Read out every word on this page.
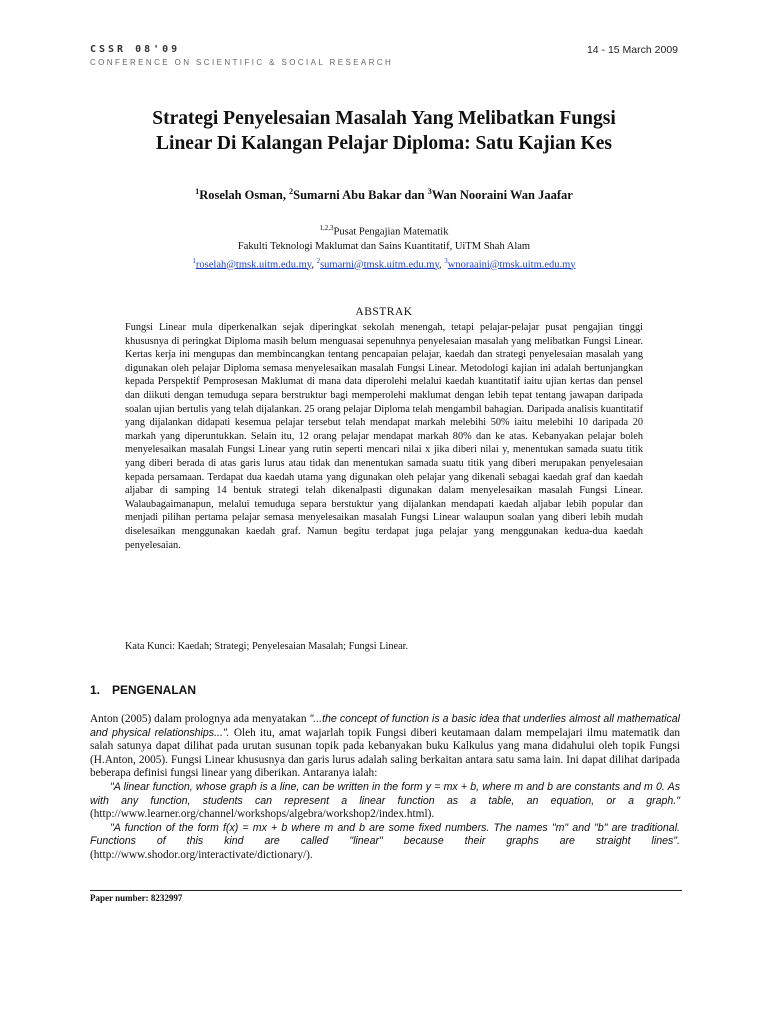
CSSR 08'09	14 - 15 March 2009
CONFERENCE ON SCIENTIFIC & SOCIAL RESEARCH
Strategi Penyelesaian Masalah Yang Melibatkan Fungsi
Linear Di Kalangan Pelajar Diploma: Satu Kajian Kes
$^1$Roselah Osman, $^2$Sumarni Abu Bakar dan $^3$Wan Nooraini Wan Jaafar
$^{1,2,3}$Pusat Pengajian Matematik
Fakulti Teknologi Maklumat dan Sains Kuantitatif, UiTM Shah Alam
$^1$roselah@tmsk.uitm.edu.my, $^2$sumarni@tmsk.uitm.edu.my, $^3$wnoraaini@tmsk.uitm.edu.my
ABSTRAK
Fungsi Linear mula diperkenalkan sejak diperingkat sekolah menengah, tetapi pelajar-pelajar pusat pengajian tinggi khususnya di peringkat Diploma masih belum menguasai sepenuhnya penyelesaian masalah yang melibatkan Fungsi Linear. Kertas kerja ini mengupas dan membincangkan tentang pencapaian pelajar, kaedah dan strategi penyelesaian masalah yang digunakan oleh pelajar Diploma semasa menyelesaikan masalah Fungsi Linear. Metodologi kajian ini adalah bertunjangkan kepada Perspektif Pemprosesan Maklumat di mana data diperolehi melalui kaedah kuantitatif iaitu ujian kertas dan pensel dan diikuti dengan temuduga separa berstruktur bagi memperolehi maklumat dengan lebih tepat tentang jawapan daripada soalan ujian bertulis yang telah dijalankan. 25 orang pelajar Diploma telah mengambil bahagian. Daripada analisis kuantitatif yang dijalankan didapati kesemua pelajar tersebut telah mendapat markah melebihi 50% iaitu melebihi 10 daripada 20 markah yang diperuntukkan. Selain itu, 12 orang pelajar mendapat markah 80% dan ke atas. Kebanyakan pelajar boleh menyelesaikan masalah Fungsi Linear yang rutin seperti mencari nilai x jika diberi nilai y, menentukan samada suatu titik yang diberi berada di atas garis lurus atau tidak dan menentukan samada suatu titik yang diberi merupakan penyelesaian kepada persamaan. Terdapat dua kaedah utama yang digunakan oleh pelajar yang dikenali sebagai kaedah graf dan kaedah aljabar di samping 14 bentuk strategi telah dikenalpasti digunakan dalam menyelesaikan masalah Fungsi Linear. Walaubagaimanapun, melalui temuduga separa berstuktur yang dijalankan mendapati kaedah aljabar lebih popular dan menjadi pilihan pertama pelajar semasa menyelesaikan masalah Fungsi Linear walaupun soalan yang diberi lebih mudah diselesaikan menggunakan kaedah graf. Namun begitu terdapat juga pelajar yang menggunakan kedua-dua kaedah penyelesaian.
Kata Kunci: Kaedah; Strategi; Penyelesaian Masalah; Fungsi Linear.
1. PENGENALAN

Anton (2005) dalam prolognya ada menyatakan "...the concept of function is a basic idea that underlies almost all mathematical and physical relationships...". Oleh itu, amat wajarlah topik Fungsi diberi keutamaan dalam mempelajari ilmu matematik dan salah satunya dapat dilihat pada urutan susunan topik pada kebanyakan buku Kalkulus yang mana didahului oleh topik Fungsi (H.Anton, 2005). Fungsi Linear khususnya dan garis lurus adalah saling berkaitan antara satu sama lain. Ini dapat dilihat daripada beberapa definisi fungsi linear yang diberikan. Antaranya ialah:

"A linear function, whose graph is a line, can be written in the form y = mx + b, where m and b are constants and m 0. As with any function, students can represent a linear function as a table, an equation, or a graph." (http://www.learner.org/channel/workshops/algebra/workshop2/index.html).

"A function of the form f(x) = mx + b where m and b are some fixed numbers. The names "m" and "b" are traditional. Functions of this kind are called "linear" because their graphs are straight lines". (http://www.shodor.org/interactivate/dictionary/).

Paper number: 8232997
